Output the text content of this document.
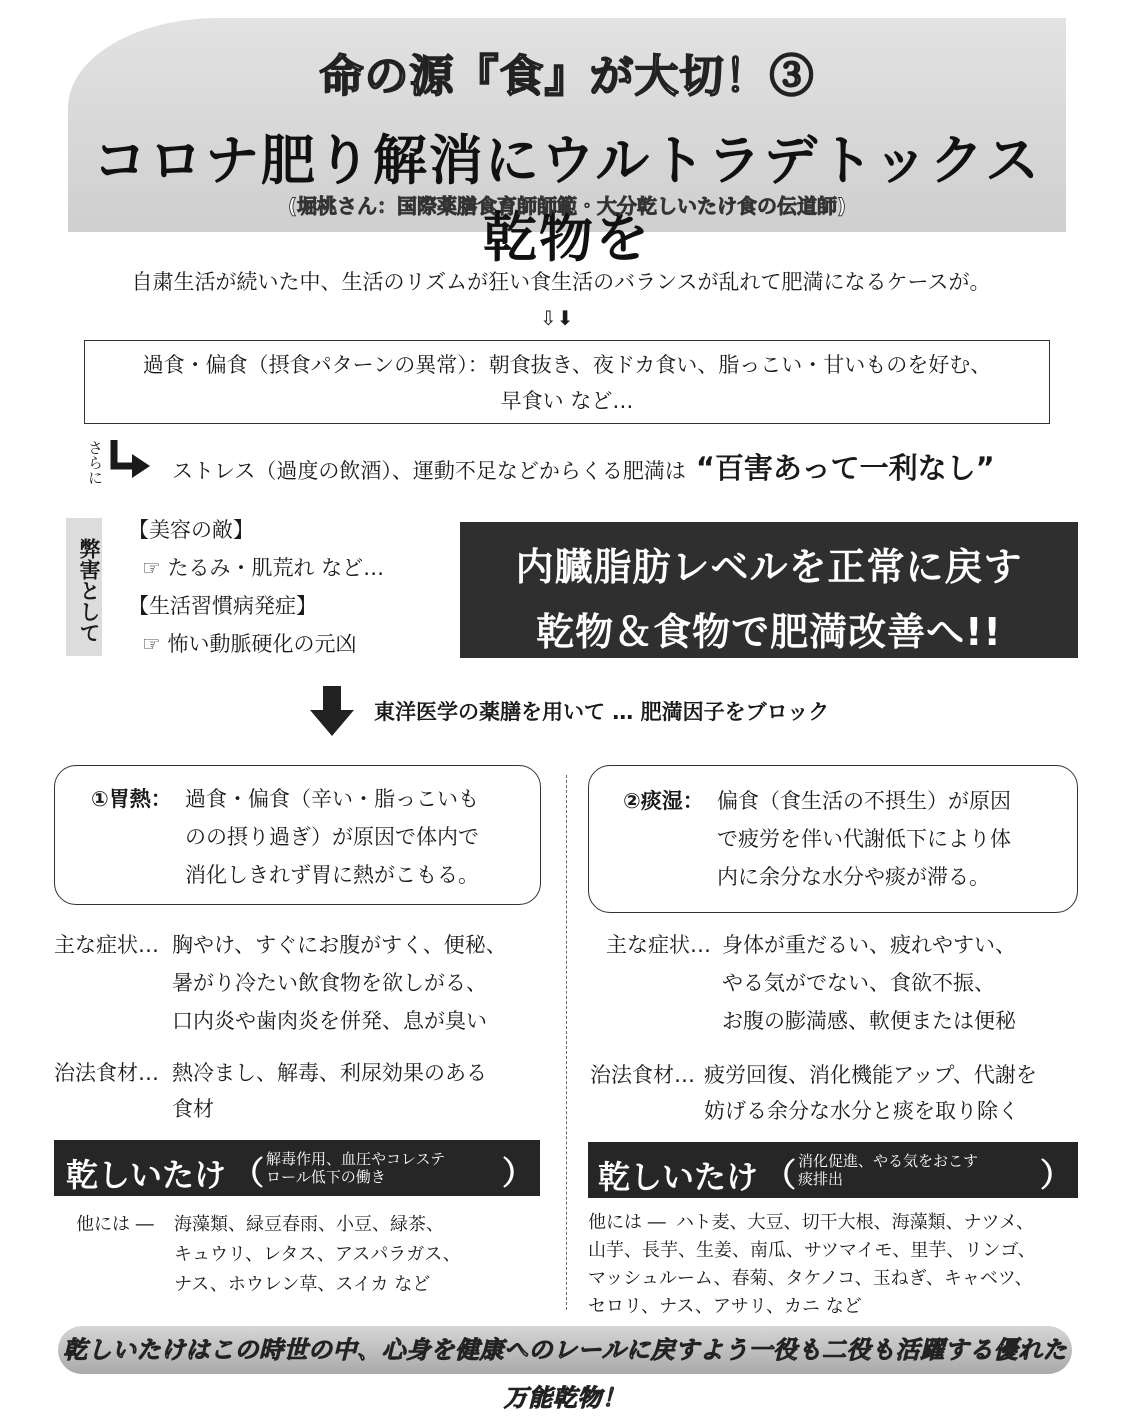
命の源『食』が大切！③
コロナ肥り解消にウルトラデトックス乾物を
(堀桃さん：国際薬膳食育師師範・大分乾しいたけ食の伝道師)
自粛生活が続いた中、生活のリズムが狂い食生活のバランスが乱れて肥満になるケースが。
⇩⬇
過食・偏食（摂食パターンの異常）：朝食抜き、夜ドカ食い、脂っこい・甘いものを好む、
早食い など…
さらに	ストレス（過度の飲酒）、運動不足などからくる肥満は “百害あって一利なし”
弊害として
【美容の敵】
☞ たるみ・肌荒れ など…
【生活習慣病発症】
☞ 怖い動脈硬化の元凶
内臓脂肪レベルを正常に戻す
乾物＆食物で肥満改善へ!!
東洋医学の薬膳を用いて … 肥満因子をブロック
①胃熱： 過食・偏食（辛い・脂っこいも
のの摂り過ぎ）が原因で体内で
消化しきれず胃に熱がこもる。
主な症状… 胸やけ、すぐにお腹がすく、便秘、
暑がり冷たい飲食物を欲しがる、
口内炎や歯肉炎を併発、息が臭い
治法食材… 熱冷まし、解毒、利尿効果のある
食材
乾しいたけ （ 解毒作用、血圧やコレステ
ロール低下の働き	）
他には ― 海藻類、緑豆春雨、小豆、緑茶、
キュウリ、レタス、アスパラガス、
ナス、ホウレン草、スイカ など
②痰湿： 偏食（食生活の不摂生）が原因
で疲労を伴い代謝低下により体
内に余分な水分や痰が滞る。
主な症状… 身体が重だるい、疲れやすい、
やる気がでない、食欲不振、
お腹の膨満感、軟便または便秘
治法食材… 疲労回復、消化機能アップ、代謝を
妨げる余分な水分と痰を取り除く
乾しいたけ （ 消化促進、やる気をおこす
痰排出	）
他には ― ハト麦、大豆、切干大根、海藻類、ナツメ、
山芋、長芋、生姜、南瓜、サツマイモ、里芋、リンゴ、
マッシュルーム、春菊、タケノコ、玉ねぎ、キャベツ、
セロリ、ナス、アサリ、カニ など
乾しいたけはこの時世の中、心身を健康へのレールに戻すよう一役も二役も活躍する優れた万能乾物！
